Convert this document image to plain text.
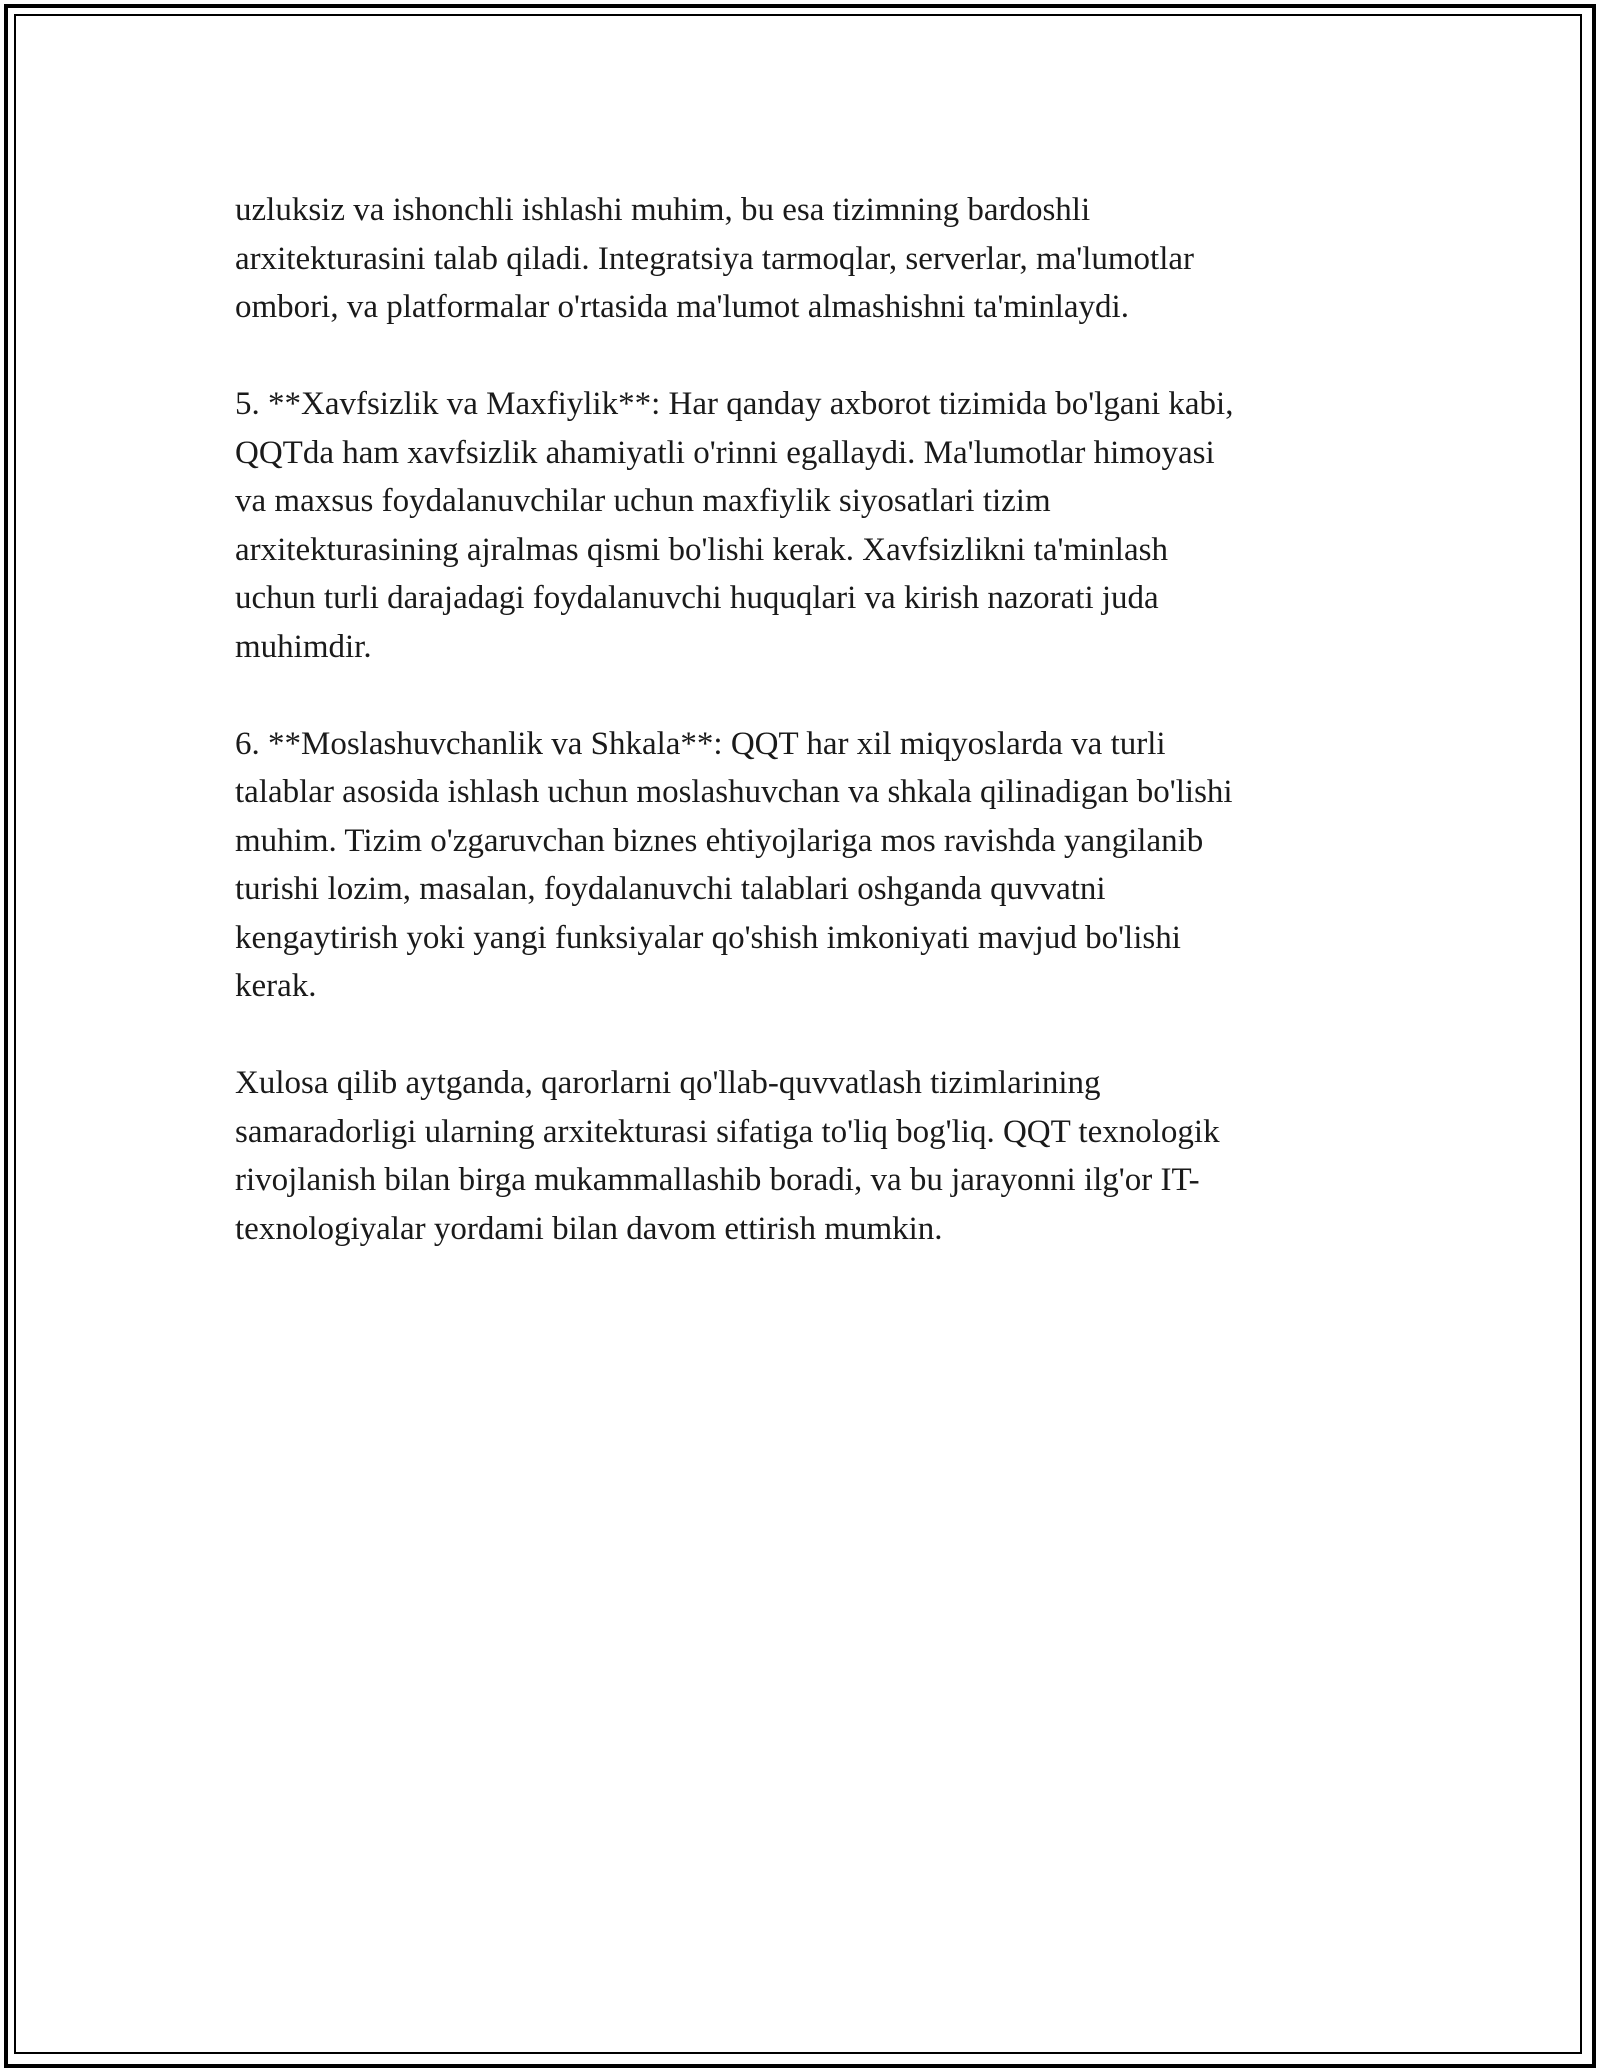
uzluksiz va ishonchli ishlashi muhim, bu esa tizimning bardoshli
arxitekturasini talab qiladi. Integratsiya tarmoqlar, serverlar, ma'lumotlar
ombori, va platformalar o'rtasida ma'lumot almashishni ta'minlaydi.

5. **Xavfsizlik va Maxfiylik**: Har qanday axborot tizimida bo'lgani kabi,
QQTda ham xavfsizlik ahamiyatli o'rinni egallaydi. Ma'lumotlar himoyasi
va maxsus foydalanuvchilar uchun maxfiylik siyosatlari tizim
arxitekturasining ajralmas qismi bo'lishi kerak. Xavfsizlikni ta'minlash
uchun turli darajadagi foydalanuvchi huquqlari va kirish nazorati juda
muhimdir.

6. **Moslashuvchanlik va Shkala**: QQT har xil miqyoslarda va turli
talablar asosida ishlash uchun moslashuvchan va shkala qilinadigan bo'lishi
muhim. Tizim o'zgaruvchan biznes ehtiyojlariga mos ravishda yangilanib
turishi lozim, masalan, foydalanuvchi talablari oshganda quvvatni
kengaytirish yoki yangi funksiyalar qo'shish imkoniyati mavjud bo'lishi
kerak.

Xulosa qilib aytganda, qarorlarni qo'llab-quvvatlash tizimlarining
samaradorligi ularning arxitekturasi sifatiga to'liq bog'liq. QQT texnologik
rivojlanish bilan birga mukammallashib boradi, va bu jarayonni ilg'or IT-
texnologiyalar yordami bilan davom ettirish mumkin.
